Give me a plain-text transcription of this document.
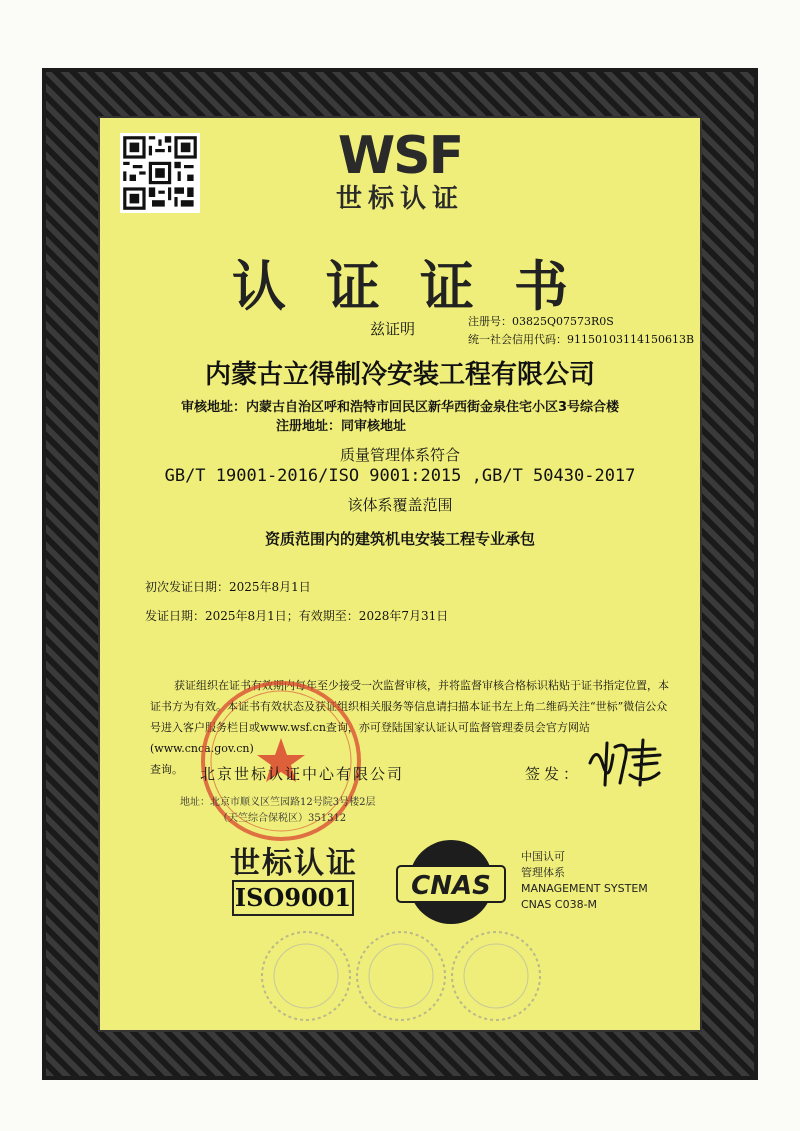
WSF
世标认证
认证证书
兹证明	注册号：03825Q07573R0S
统一社会信用代码：91150103114150613B
内蒙古立得制冷安装工程有限公司
审核地址：内蒙古自治区呼和浩特市回民区新华西街金泉住宅小区3号综合楼
注册地址：同审核地址
质量管理体系符合
GB/T 19001-2016/ISO 9001:2015 ,GB/T 50430-2017
该体系覆盖范围
资质范围内的建筑机电安装工程专业承包
初次发证日期：2025年8月1日
发证日期：2025年8月1日；有效期至：2028年7月31日
获证组织在证书有效期内每年至少接受一次监督审核，并将监督审核合格标识粘贴于证书指定位置，本
证书方为有效。本证书有效状态及获证组织相关服务等信息请扫描本证书左上角二维码关注“世标”微信公众
号进入客户服务栏目或www.wsf.cn查询，亦可登陆国家认证认可监督管理委员会官方网站(www.cnca.gov.cn)
查询。	北京世标认证中心有限公司	签发：
地址：北京市顺义区竺园路12号院3号楼2层
（天竺综合保税区）351312
世标认证
ISO9001 CNAS
中国认可
管理体系
MANAGEMENT SYSTEM
CNAS C038-M
